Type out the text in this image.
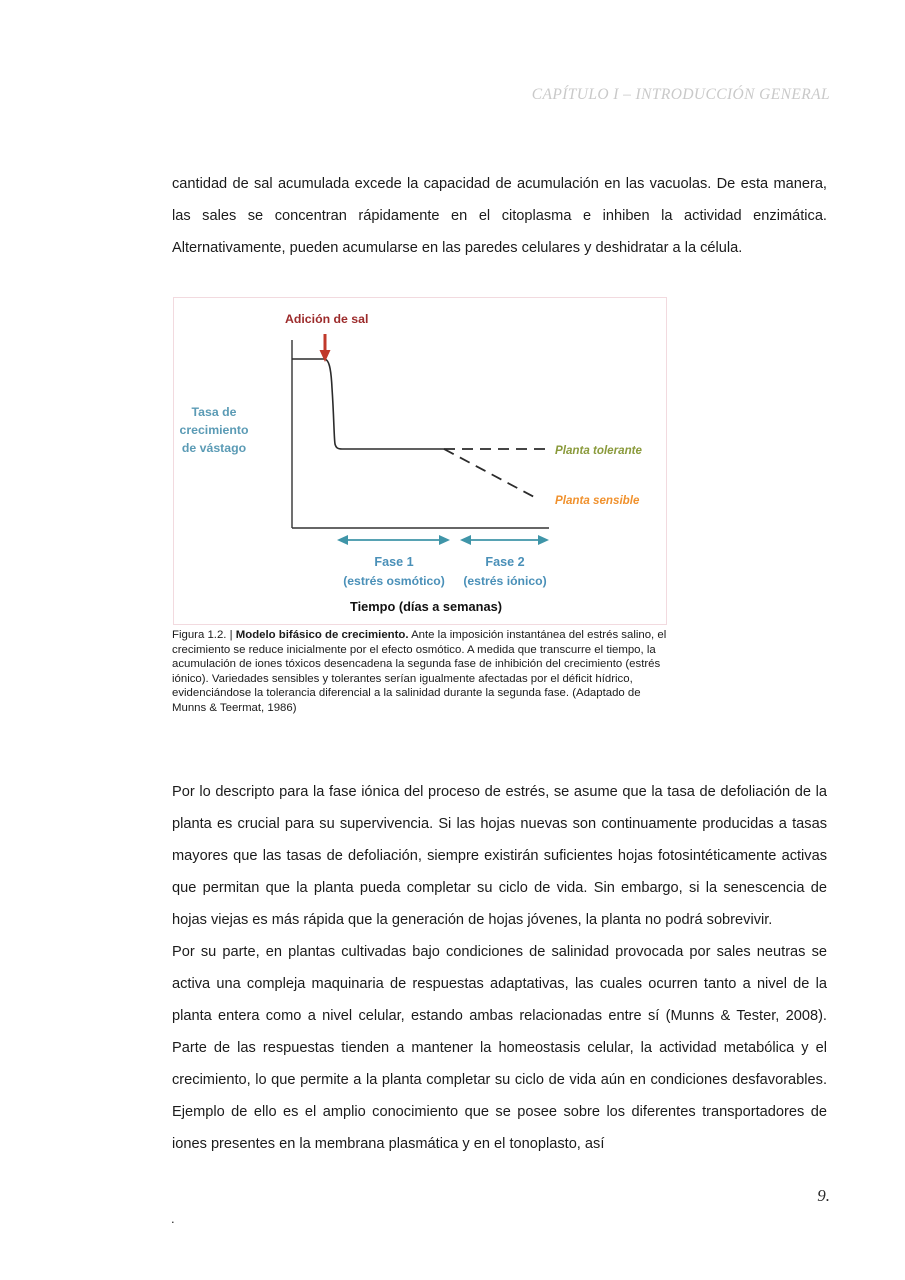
CAPÍTULO I – INTRODUCCIÓN GENERAL

cantidad de sal acumulada excede la capacidad de acumulación en las vacuolas. De esta manera, las sales se concentran rápidamente en el citoplasma e inhiben la actividad enzimática. Alternativamente, pueden acumularse en las paredes celulares y deshidratar a la célula.

Adición de sal
Tasa de
crecimiento
de vástago	Planta tolerante
Planta sensible
Fase 1
(estrés osmótico)
Fase 2
(estrés iónico)
Tiempo (días a semanas)
Figura 1.2. | Modelo bifásico de crecimiento. Ante la imposición instantánea del estrés salino, el crecimiento se reduce inicialmente por el efecto osmótico. A medida que transcurre el tiempo, la acumulación de iones tóxicos desencadena la segunda fase de inhibición del crecimiento (estrés iónico). Variedades sensibles y tolerantes serían igualmente afectadas por el déficit hídrico, evidenciándose la tolerancia diferencial a la salinidad durante la segunda fase. (Adaptado de Munns & Teermat, 1986)

Por lo descripto para la fase iónica del proceso de estrés, se asume que la tasa de defoliación de la planta es crucial para su supervivencia. Si las hojas nuevas son continuamente producidas a tasas mayores que las tasas de defoliación, siempre existirán suficientes hojas fotosintéticamente activas que permitan que la planta pueda completar su ciclo de vida. Sin embargo, si la senescencia de hojas viejas es más rápida que la generación de hojas jóvenes, la planta no podrá sobrevivir.

Por su parte, en plantas cultivadas bajo condiciones de salinidad provocada por sales neutras se activa una compleja maquinaria de respuestas adaptativas, las cuales ocurren tanto a nivel de la planta entera como a nivel celular, estando ambas relacionadas entre sí (Munns & Tester, 2008). Parte de las respuestas tienden a mantener la homeostasis celular, la actividad metabólica y el crecimiento, lo que permite a la planta completar su ciclo de vida aún en condiciones desfavorables. Ejemplo de ello es el amplio conocimiento que se posee sobre los diferentes transportadores de iones presentes en la membrana plasmática y en el tonoplasto, así

9.
.
